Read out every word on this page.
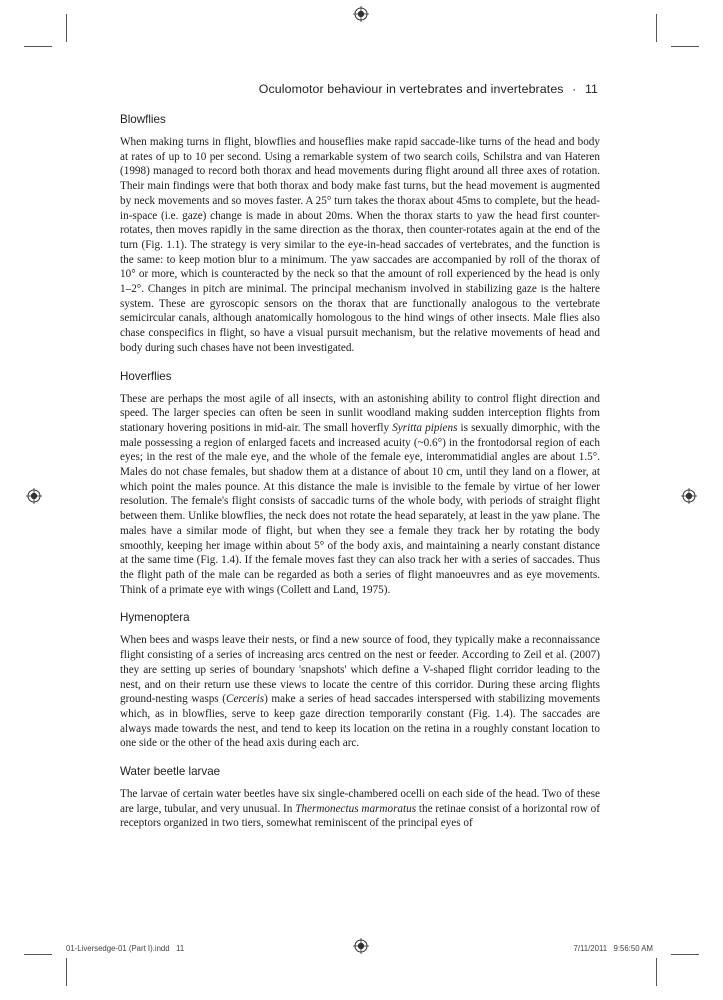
Oculomotor behaviour in vertebrates and invertebrates · 11
Blowflies

When making turns in flight, blowflies and houseflies make rapid saccade-like turns of the head and body at rates of up to 10 per second. Using a remarkable system of two search coils, Schilstra and van Hateren (1998) managed to record both thorax and head movements during flight around all three axes of rotation. Their main findings were that both thorax and body make fast turns, but the head movement is augmented by neck movements and so moves faster. A 25° turn takes the thorax about 45ms to complete, but the head-in-space (i.e. gaze) change is made in about 20ms. When the thorax starts to yaw the head first counter-rotates, then moves rapidly in the same direction as the thorax, then counter-rotates again at the end of the turn (Fig. 1.1). The strategy is very similar to the eye-in-head saccades of vertebrates, and the function is the same: to keep motion blur to a minimum. The yaw saccades are accompanied by roll of the thorax of 10° or more, which is counteracted by the neck so that the amount of roll experienced by the head is only 1–2°. Changes in pitch are minimal. The principal mechanism involved in stabilizing gaze is the haltere system. These are gyroscopic sensors on the thorax that are functionally analogous to the vertebrate semicircular canals, although anatomically homologous to the hind wings of other insects. Male flies also chase conspecifics in flight, so have a visual pursuit mechanism, but the relative movements of head and body during such chases have not been investigated.

Hoverflies

These are perhaps the most agile of all insects, with an astonishing ability to control flight direction and speed. The larger species can often be seen in sunlit woodland making sudden interception flights from stationary hovering positions in mid-air. The small hoverfly Syritta pipiens is sexually dimorphic, with the male possessing a region of enlarged facets and increased acuity (~0.6°) in the frontodorsal region of each eyes; in the rest of the male eye, and the whole of the female eye, interommatidial angles are about 1.5°. Males do not chase females, but shadow them at a distance of about 10 cm, until they land on a flower, at which point the males pounce. At this distance the male is invisible to the female by virtue of her lower resolution. The female's flight consists of saccadic turns of the whole body, with periods of straight flight between them. Unlike blowflies, the neck does not rotate the head separately, at least in the yaw plane. The males have a similar mode of flight, but when they see a female they track her by rotating the body smoothly, keeping her image within about 5° of the body axis, and maintaining a nearly constant distance at the same time (Fig. 1.4). If the female moves fast they can also track her with a series of saccades. Thus the flight path of the male can be regarded as both a series of flight manoeuvres and as eye movements. Think of a primate eye with wings (Collett and Land, 1975).

Hymenoptera

When bees and wasps leave their nests, or find a new source of food, they typically make a reconnaissance flight consisting of a series of increasing arcs centred on the nest or feeder. According to Zeil et al. (2007) they are setting up series of boundary 'snapshots' which define a V-shaped flight corridor leading to the nest, and on their return use these views to locate the centre of this corridor. During these arcing flights ground-nesting wasps (Cerceris) make a series of head saccades interspersed with stabilizing movements which, as in blowflies, serve to keep gaze direction temporarily constant (Fig. 1.4). The saccades are always made towards the nest, and tend to keep its location on the retina in a roughly constant location to one side or the other of the head axis during each arc.

Water beetle larvae

The larvae of certain water beetles have six single-chambered ocelli on each side of the head. Two of these are large, tubular, and very unusual. In Thermonectus marmoratus the retinae consist of a horizontal row of receptors organized in two tiers, somewhat reminiscent of the principal eyes of

01-Liversedge-01 (Part I).indd   11	7/11/2011   9:56:50 AM
